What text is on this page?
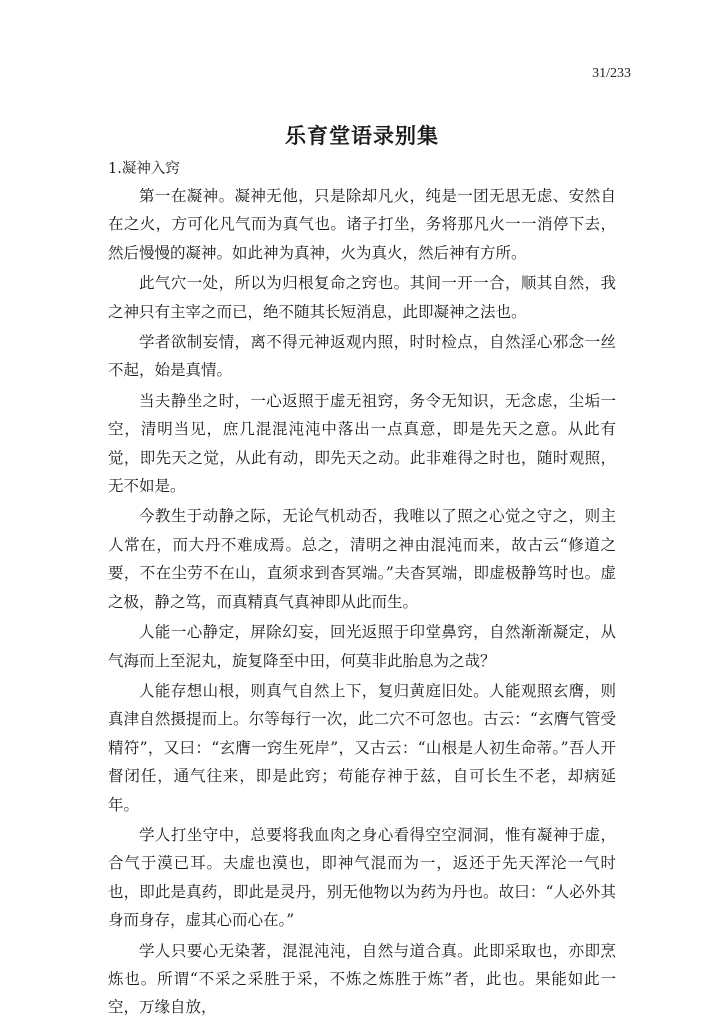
31/233
乐育堂语录别集
1.凝神入窍

第一在凝神。凝神无他，只是除却凡火，纯是一团无思无虑、安然自在之火，方可化凡气而为真气也。诸子打坐，务将那凡火一一消停下去，然后慢慢的凝神。如此神为真神，火为真火，然后神有方所。

此气穴一处，所以为归根复命之窍也。其间一开一合，顺其自然，我之神只有主宰之而已，绝不随其长短消息，此即凝神之法也。

学者欲制妄情，离不得元神返观内照，时时检点，自然淫心邪念一丝不起，始是真情。

当夫静坐之时，一心返照于虚无祖窍，务令无知识，无念虑，尘垢一空，清明当见，庶几混混沌沌中落出一点真意，即是先天之意。从此有觉，即先天之觉，从此有动，即先天之动。此非难得之时也，随时观照，无不如是。

今教生于动静之际，无论气机动否，我唯以了照之心觉之守之，则主人常在，而大丹不难成焉。总之，清明之神由混沌而来，故古云“修道之要，不在尘劳不在山，直须求到杳冥端。”夫杳冥端，即虚极静笃时也。虚之极，静之笃，而真精真气真神即从此而生。

人能一心静定，屏除幻妄，回光返照于印堂鼻窍，自然渐渐凝定，从气海而上至泥丸，旋复降至中田，何莫非此胎息为之哉？

人能存想山根，则真气自然上下，复归黄庭旧处。人能观照玄膺，则真津自然摄提而上。尔等每行一次，此二穴不可忽也。古云：“玄膺气管受精符”，又曰：“玄膺一窍生死岸”，又古云：“山根是人初生命蒂。”吾人开督闭任，通气往来，即是此窍；苟能存神于兹，自可长生不老，却病延年。

学人打坐守中，总要将我血肉之身心看得空空洞洞，惟有凝神于虚，合气于漠已耳。夫虚也漠也，即神气混而为一，返还于先天浑沦一气时也，即此是真药，即此是灵丹，别无他物以为药为丹也。故曰：“人必外其身而身存，虚其心而心在。”

学人只要心无染著，混混沌沌，自然与道合真。此即采取也，亦即烹炼也。所谓“不采之采胜于采，不炼之炼胜于炼”者，此也。果能如此一空，万缘自放，
